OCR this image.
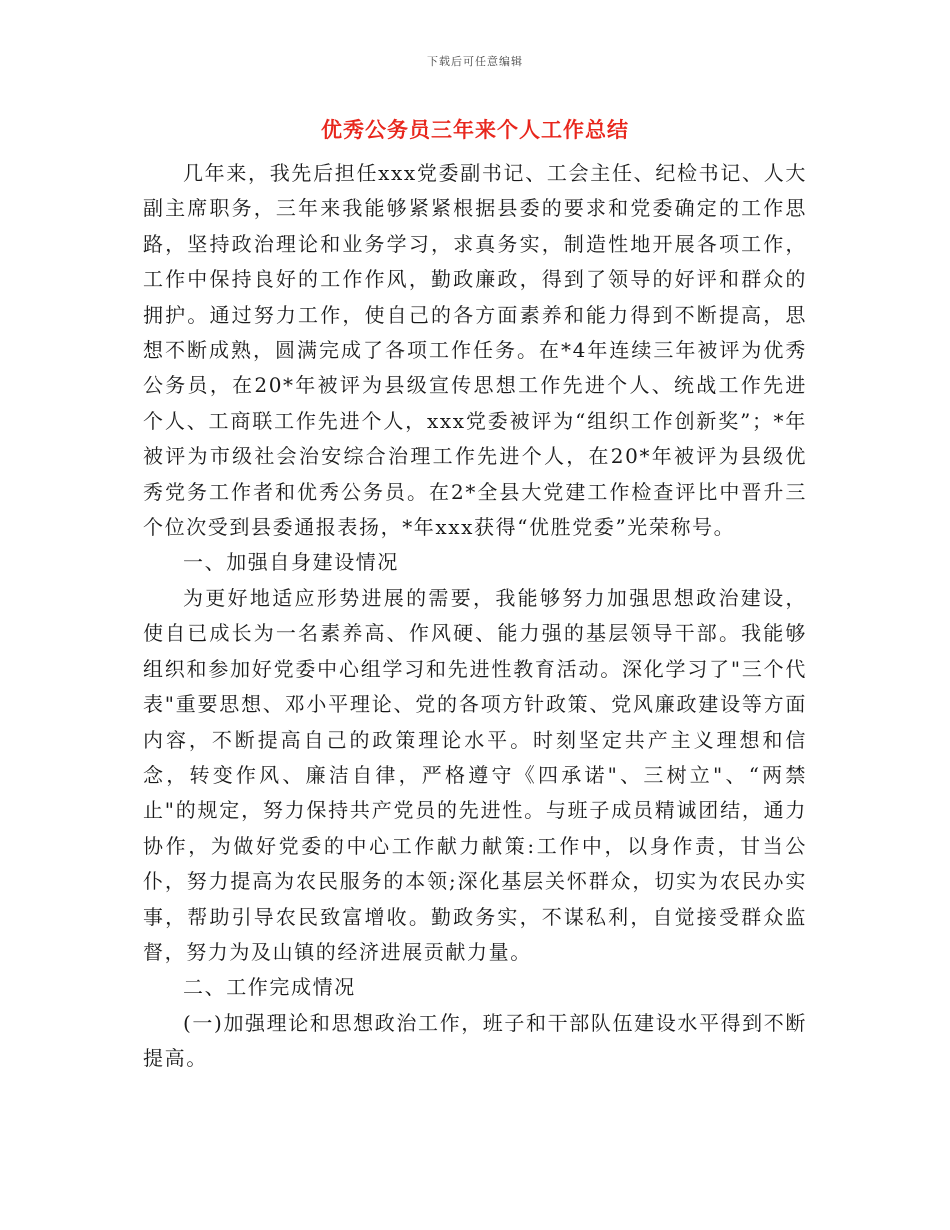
下载后可任意编辑
优秀公务员三年来个人工作总结

几年来，我先后担任xxx党委副书记、工会主任、纪检书记、人大副主席职务，三年来我能够紧紧根据县委的要求和党委确定的工作思路，坚持政治理论和业务学习，求真务实，制造性地开展各项工作，工作中保持良好的工作作风，勤政廉政，得到了领导的好评和群众的拥护。通过努力工作，使自己的各方面素养和能力得到不断提高，思想不断成熟，圆满完成了各项工作任务。在*4年连续三年被评为优秀公务员，在20*年被评为县级宣传思想工作先进个人、统战工作先进个人、工商联工作先进个人，xxx党委被评为“组织工作创新奖”；*年被评为市级社会治安综合治理工作先进个人，在20*年被评为县级优秀党务工作者和优秀公务员。在2*全县大党建工作检查评比中晋升三个位次受到县委通报表扬，*年xxx获得“优胜党委”光荣称号。

一、加强自身建设情况

为更好地适应形势进展的需要，我能够努力加强思想政治建设，使自已成长为一名素养高、作风硬、能力强的基层领导干部。我能够组织和参加好党委中心组学习和先进性教育活动。深化学习了"三个代表"重要思想、邓小平理论、党的各项方针政策、党风廉政建设等方面内容，不断提高自己的政策理论水平。时刻坚定共产主义理想和信念，转变作风、廉洁自律，严格遵守《四承诺"、三树立"、“两禁止"的规定，努力保持共产党员的先进性。与班子成员精诚团结，通力协作，为做好党委的中心工作献力献策:工作中，以身作责，甘当公仆，努力提高为农民服务的本领;深化基层关怀群众，切实为农民办实事，帮助引导农民致富增收。勤政务实，不谋私利，自觉接受群众监督，努力为及山镇的经济进展贡献力量。

二、工作完成情况

(一)加强理论和思想政治工作，班子和干部队伍建设水平得到不断提高。
